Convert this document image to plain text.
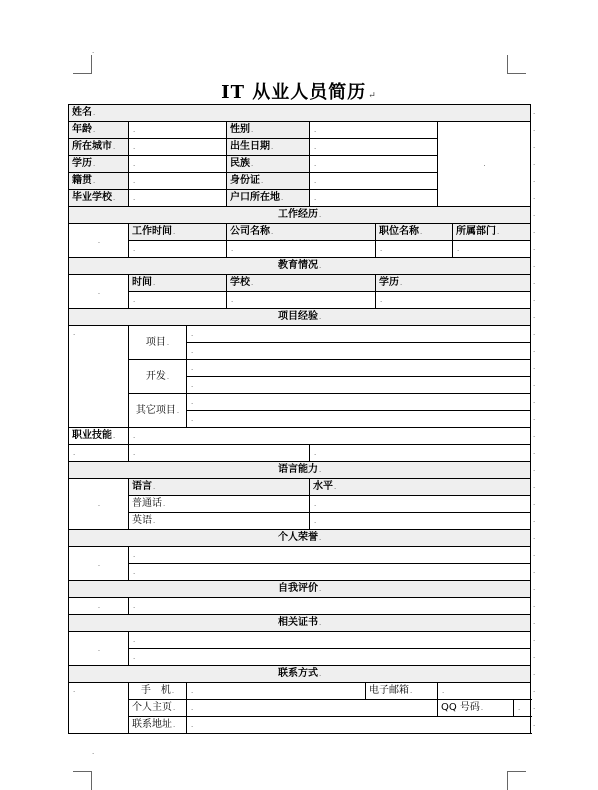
.
.
IT 从业人员简历 ↵
姓名.									
年龄.	.		性别.	.			.		
所在城市.	.		出生日期.	.					
学历.	.		民族.	.					
籍贯.	.		身份证.	.					
毕业学校.	.		户口所在地.	.					
工作经历.									
.	工作时间.		公司名称.			职位名称.		所属部门.	
	.		.			.		.	
教育情况.									
.	时间.		学校.			学历.			
	.		.			.			
项目经验.									
.	项目.	.							
		.							
	开发.	.							
		.							
	其它项目.	.							
		.							
职业技能.	.								
.	.			.					
语言能力.									
.	语言.			水平.					
	普通话.			.					
	英语.			.					
个人荣誉.									
.	.								
	.								
自我评价.									
.	.								
相关证书.									
.	.								
	.								
联系方式.									
.	手　机.	.			电子邮箱.		.		
	个人主页.	.					QQ 号码.		.
	联系地址.	.							
.
.
.
.
.
.
.
.
.
.
.
.
.
.
.
.
.
.
.
.
.
.
.
.
.
.
.
.
.
.
.
.
.
.
.
.
.
